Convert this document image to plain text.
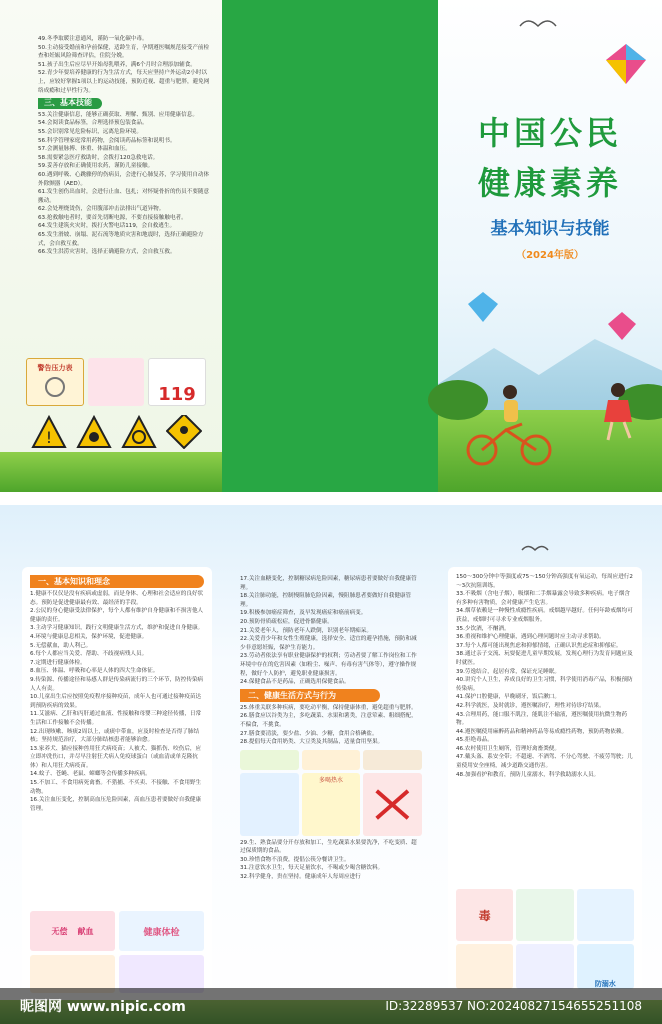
49.冬季取暖注意通风，谨防一氧化碳中毒。

50.主动接受婚前和孕前保健，适龄生育，孕期遵医嘱规范接受产前检查和妊娠风险筛查评估，住院分娩。

51.孩子出生后应尽早开始母乳喂养，满6个月时合理添加辅食。

52.青少年要培养健康的行为生活方式，每天应坚持户外运动2小时以上，应较好掌握1项以上的运动技能，预防近视、超重与肥胖，避免网络成瘾和过早性行为。

三、基本技能

53.关注健康信息，能够正确获取、理解、甄别、应用健康信息。

54.会阅读食品标签，合理选择预包装食品。

55.会识别常见危险标识，远离危险环境。

56.科学管理家庭常用药物，会阅读药品标签和说明书。

57.会测量脉搏、体重、体温和血压。

58.需要紧急医疗救助时，会拨打120急救电话。

59.妥善存放和正确使用农药，谨防儿童接触。

60.遇到呼吸、心跳骤停的伤病员，会进行心肺复苏，学习使用自动体外除颤器（AED）。

61.发生创伤出血时，会进行止血、包扎；对怀疑骨折的伤员不要随意搬动。

62.会处理烧烫伤，会用腹部冲击法排出气道异物。

63.抢救触电者时，要首先切断电源，不要直接接触触电者。

64.发生建筑火灾时，拨打火警电话119，会自救逃生。

65.发生滑坡、崩塌、泥石流等地质灾害和地震时，选择正确避险方式，会自救互救。

66.发生洪涝灾害时，选择正确避险方式，会自救互救。

警告压力表
119
!
中国公民
健康素养
基本知识与技能
（2024年版）
一、基本知识和理念

1.健康不仅仅是没有疾病或虚弱，而是身体、心理和社会适应的良好状态。预防是促进健康最有效、最经济的手段。

2.公民的身心健康受法律保护，每个人都有维护自身健康和不损害他人健康的责任。

3.主动学习健康知识，践行文明健康生活方式，维护和促进自身健康。

4.环境与健康息息相关，保护环境，促进健康。

5.无偿献血，助人利己。

6.每个人都应当关爱、帮助、不歧视病残人员。

7.定期进行健康体检。

8.血压、体温、呼吸和心率是人体的四大生命体征。

9.传染源、传播途径和易感人群是传染病流行的三个环节，防控传染病人人有责。

10.儿童出生后应按照免疫程序接种疫苗，成年人也可通过接种疫苗达到预防疾病的效果。

11.艾滋病、乙肝和丙肝通过血液、性接触和母婴三种途径传播，日常生活和工作接触不会传播。

12.出现咳嗽、咳痰2周以上，或痰中带血，应及时检查是否得了肺结核；坚持规范治疗，大部分肺结核患者能够治愈。

13.家养犬、猫应接种兽用狂犬病疫苗；人被犬、猫抓伤、咬伤后，应立即冲洗伤口，并尽早注射狂犬病人免疫球蛋白（或血清或单克隆抗体）和人用狂犬病疫苗。

14.蚊子、苍蝇、老鼠、蟑螂等会传播多种疾病。

15.不加工、不食用病死禽畜。不猎捕、不买卖、不接触、不食用野生动物。

16.关注血压变化，控制高血压危险因素，高血压患者要做好自我健康管理。

无偿 献血	健康体检

17.关注血糖变化，控制糖尿病危险因素，糖尿病患者要做好自我健康管理。

18.关注肺功能，控制慢阻肺危险因素，慢阻肺患者要做好自我健康管理。

19.积极参加癌症筛查，及早发现癌症和癌前病变。

20.预防骨质疏松症，促进骨骼健康。

21.关爱老年人，预防老年人跌倒，识别老年期痴呆。

22.关爱青少年和女性生殖健康，选择安全、适宜的避孕措施，预防和减少非意愿妊娠，保护生育能力。

23.劳动者依法享有职业健康保护的权利；劳动者要了解工作岗位和工作环境中存在的危害因素（如粉尘、噪声、有毒有害气体等），遵守操作规程，做好个人防护，避免职业健康损害。

24.保健食品不是药品，正确选用保健食品。

二、健康生活方式与行为

25.体重关联多种疾病，要吃动平衡，保持健康体重，避免超重与肥胖。

26.膳食应以谷类为主，多吃蔬菜、水果和薯类，注意荤素、粗细搭配，不偏食，不挑食。

27.膳食要清淡，要少盐、少油、少糖，食用合格碘盐。

28.提倡每天食用奶类、大豆类及其制品，适量食用坚果。

多喝热水

29.生、熟食品要分开存放和加工，生吃蔬菜水果要洗净，不吃变质、超过保质期的食品。

30.珍惜食物不浪费，提倡公筷分餐讲卫生。

31.注意饮水卫生，每天足量饮水，不喝或少喝含糖饮料。

32.科学健身，贵在坚持。健康成年人每周应进行

150～300分钟中等强度或75～150分钟高强度有氧运动，每周应进行2～3次抗阻训练。

33.不吸烟（含电子烟），吸烟和二手烟暴露会导致多种疾病。电子烟含有多种有害物质，会对健康产生危害。

34.烟草依赖是一种慢性成瘾性疾病。戒烟越早越好。任何年龄戒烟均可获益，戒烟时可寻求专业戒烟服务。

35.少饮酒，不酗酒。

36.重视和维护心理健康，遇到心理问题时应主动寻求帮助。

37.每个人都可能出现焦虑和抑郁情绪，正确认识焦虑症和抑郁症。

38.通过亲子交流、玩耍促进儿童早期发展，发现心理行为发育问题应及时就医。

39.劳逸结合，起居有常，保证充足睡眠。

40.讲究个人卫生，养成良好的卫生习惯，科学使用消毒产品，积极预防传染病。

41.保护口腔健康，早晚刷牙，饭后漱口。

42.科学就医，及时就诊，遵医嘱治疗，理性对待诊疗结果。

43.合理用药，能口服不肌注，能肌注不输液，遵医嘱使用抗微生物药物。

44.遵医嘱使用麻醉药品和精神药品等易成瘾性药物，预防药物依赖。

45.拒绝毒品。

46.农村使用卫生厕所，管理好禽畜粪便。

47.戴头盔、系安全带；不超速、不酒驾、不分心驾驶、不疲劳驾驶；儿童使用安全座椅，减少道路交通伤害。

48.加强看护和教育，预防儿童溺水，科学救助溺水人员。

毒
防溺水
昵图网 www.nipic.com	ID:32289537 NO:20240827154655251108
